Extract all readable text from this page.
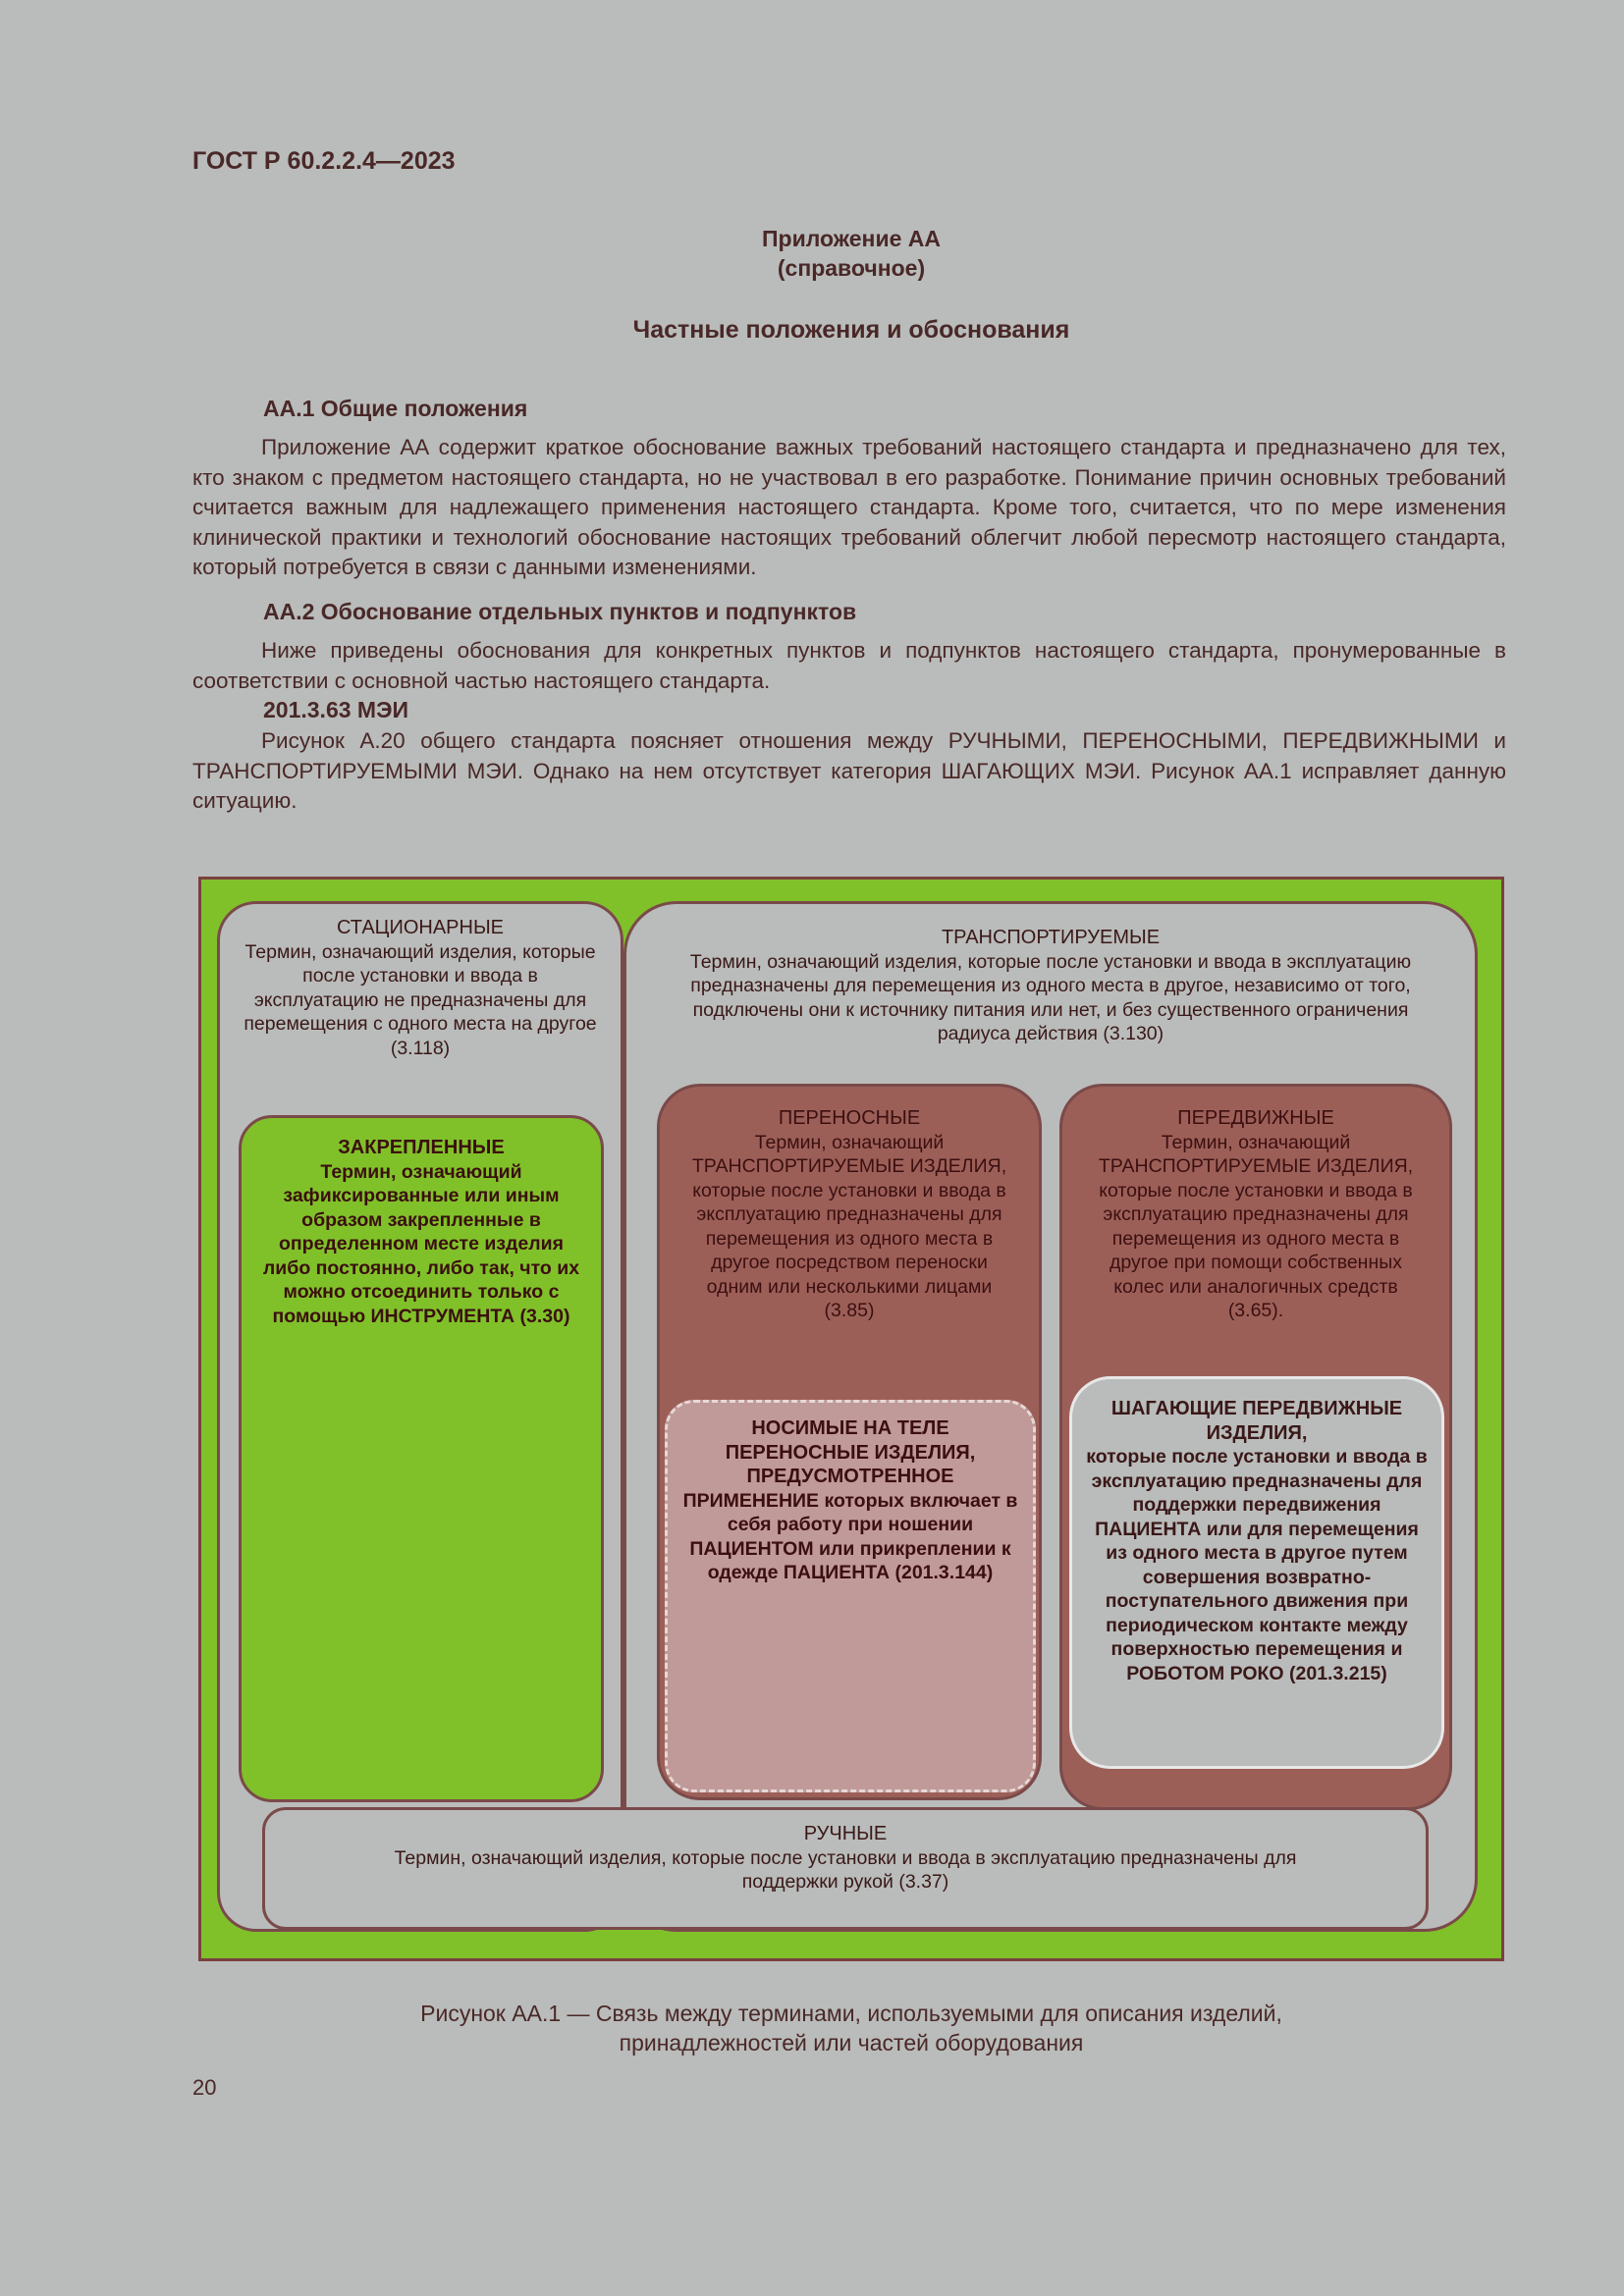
ГОСТ Р 60.2.2.4—2023
Приложение АА
(справочное)
Частные положения и обоснования
АА.1 Общие положения
Приложение АА содержит краткое обоснование важных требований настоящего стандарта и предназначено для тех, кто знаком с предметом настоящего стандарта, но не участвовал в его разработке. Понимание причин основных требований считается важным для надлежащего применения настоящего стандарта. Кроме того, считается, что по мере изменения клинической практики и технологий обоснование настоящих требований облегчит любой пересмотр настоящего стандарта, который потребуется в связи с данными изменениями.
АА.2 Обоснование отдельных пунктов и подпунктов
Ниже приведены обоснования для конкретных пунктов и подпунктов настоящего стандарта, пронумерованные в соответствии с основной частью настоящего стандарта.
201.3.63 МЭИ
Рисунок А.20 общего стандарта поясняет отношения между РУЧНЫМИ, ПЕРЕНОСНЫМИ, ПЕРЕДВИЖНЫМИ и ТРАНСПОРТИРУЕМЫМИ МЭИ. Однако на нем отсутствует категория ШАГАЮЩИХ МЭИ. Рисунок АА.1 исправляет данную ситуацию.
СТАЦИОНАРНЫЕ
Термин, означающий изделия, которые после установки и ввода в эксплуатацию не предназначены для перемещения с одного места на другое (3.118)
ЗАКРЕПЛЕННЫЕ
Термин, означающий зафиксированные или иным образом закрепленные в определенном месте изделия либо постоянно, либо так, что их можно отсоединить только с помощью ИНСТРУМЕНТА (3.30)
ТРАНСПОРТИРУЕМЫЕ
Термин, означающий изделия, которые после установки и ввода в эксплуатацию предназначены для перемещения из одного места в другое, независимо от того, подключены они к источнику питания или нет, и без существенного ограничения радиуса действия (3.130)
ПЕРЕНОСНЫЕ
Термин, означающий ТРАНСПОРТИРУЕМЫЕ ИЗДЕЛИЯ, которые после установки и ввода в эксплуатацию предназначены для перемещения из одного места в другое посредством переноски одним или несколькими лицами (3.85)
НОСИМЫЕ НА ТЕЛЕ ПЕРЕНОСНЫЕ ИЗДЕЛИЯ, ПРЕДУСМОТРЕННОЕ
ПРИМЕНЕНИЕ которых включает в себя работу при ношении ПАЦИЕНТОМ или прикреплении к одежде ПАЦИЕНТА (201.3.144)
ПЕРЕДВИЖНЫЕ
Термин, означающий ТРАНСПОРТИРУЕМЫЕ ИЗДЕЛИЯ, которые после установки и ввода в эксплуатацию предназначены для перемещения из одного места в другое при помощи собственных колес или аналогичных средств (3.65).
ШАГАЮЩИЕ ПЕРЕДВИЖНЫЕ ИЗДЕЛИЯ,
которые после установки и ввода в эксплуатацию предназначены для поддержки передвижения ПАЦИЕНТА или для перемещения из одного места в другое путем совершения возвратно-поступательного движения при периодическом контакте между поверхностью перемещения и РОБОТОМ РОКО (201.3.215)
РУЧНЫЕ
Термин, означающий изделия, которые после установки и ввода в эксплуатацию предназначены для поддержки рукой (3.37)
Рисунок АА.1 — Связь между терминами, используемыми для описания изделий,
принадлежностей или частей оборудования
20
